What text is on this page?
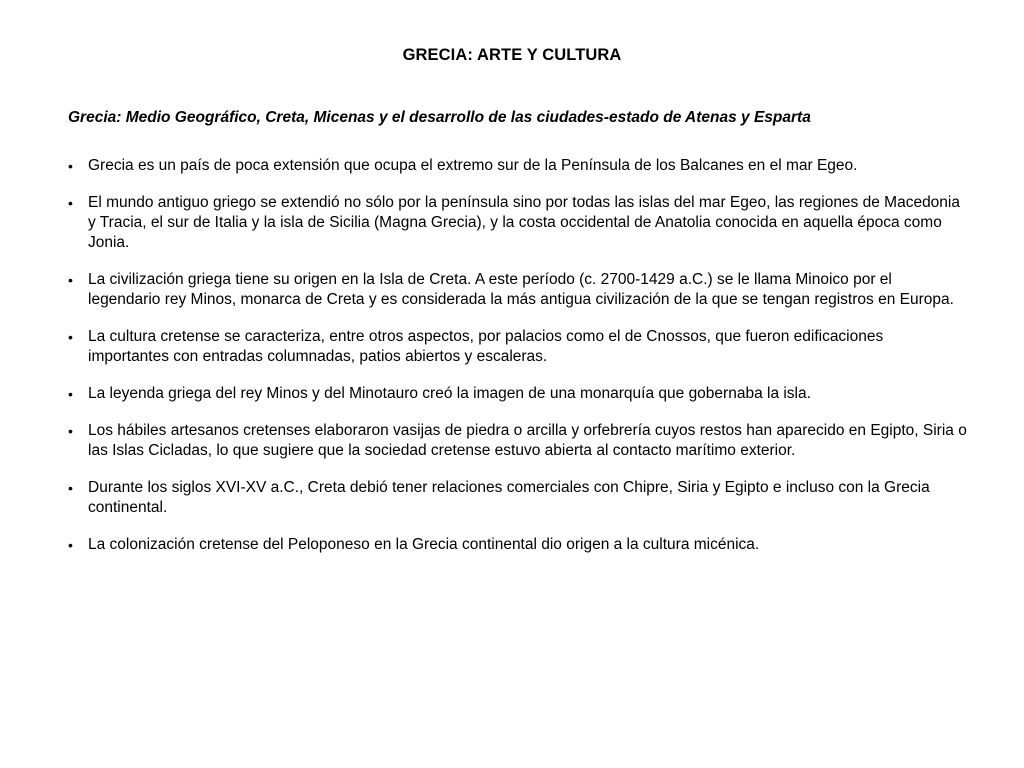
GRECIA: ARTE Y CULTURA
Grecia: Medio Geográfico, Creta, Micenas y el desarrollo de las ciudades-estado de Atenas y Esparta
• Grecia es un país de poca extensión que ocupa el extremo sur de la Península de los Balcanes en el mar Egeo.
• El mundo antiguo griego se extendió no sólo por la península sino por todas las islas del mar Egeo, las regiones de Macedonia y Tracia, el sur de Italia y la isla de Sicilia (Magna Grecia), y la costa occidental de Anatolia conocida en aquella época como Jonia.
• La civilización griega tiene su origen en la Isla de Creta. A este período (c. 2700-1429 a.C.) se le llama Minoico por el legendario rey Minos, monarca de Creta y es considerada la más antigua civilización de la que se tengan registros en Europa.
• La cultura cretense se caracteriza, entre otros aspectos, por palacios como el de Cnossos, que fueron edificaciones importantes con entradas columnadas, patios abiertos y escaleras.
• La leyenda griega del rey Minos y del Minotauro creó la imagen de una monarquía que gobernaba la isla.
• Los hábiles artesanos cretenses elaboraron vasijas de piedra o arcilla y orfebrería cuyos restos han aparecido en Egipto, Siria o las Islas Cicladas, lo que sugiere que la sociedad cretense estuvo abierta al contacto marítimo exterior.
• Durante los siglos XVI-XV a.C., Creta debió tener relaciones comerciales con Chipre, Siria y Egipto e incluso con la Grecia continental.
• La colonización cretense del Peloponeso en la Grecia continental dio origen a la cultura micénica.
